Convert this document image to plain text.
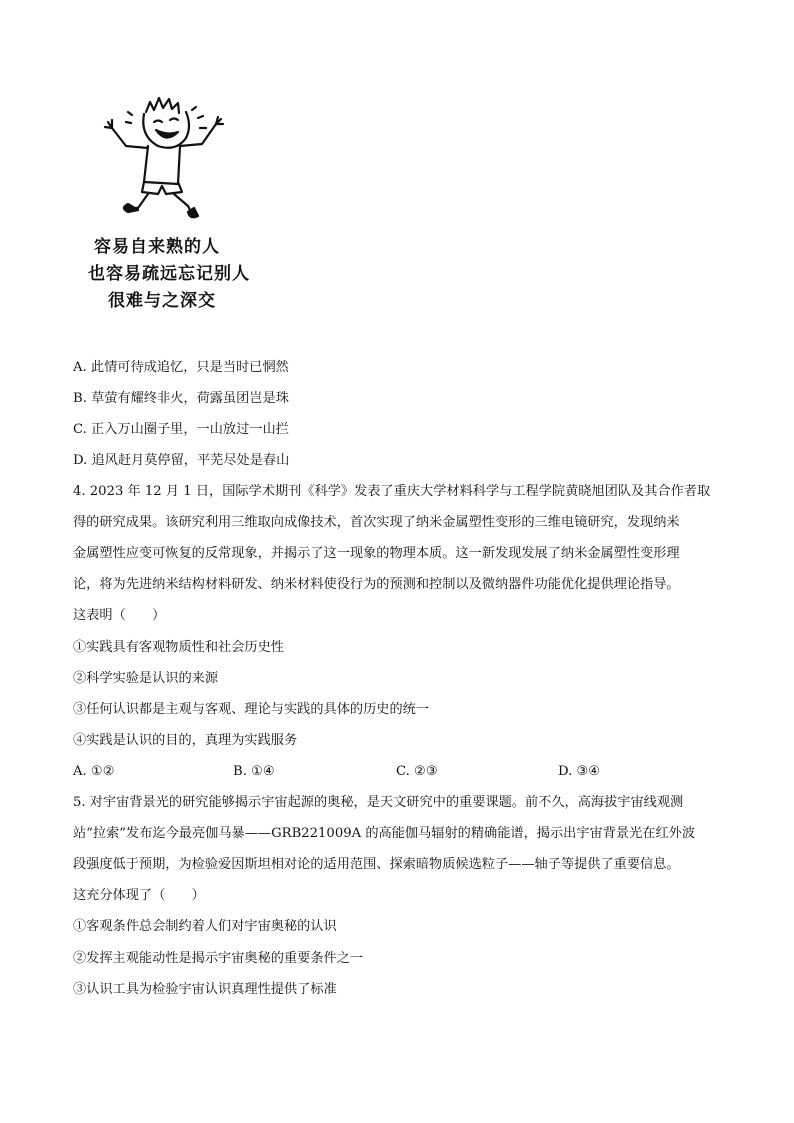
容易自来熟的人
也容易疏远忘记别人
很难与之深交
A. 此情可待成追忆，只是当时已惘然
B. 草萤有耀终非火，荷露虽团岂是珠
C. 正入万山圈子里，一山放过一山拦
D. 追风赶月莫停留，平芜尽处是春山
4. 2023 年 12 月 1 日，国际学术期刊《科学》发表了重庆大学材料科学与工程学院黄晓旭团队及其合作者取
得的研究成果。该研究利用三维取向成像技术，首次实现了纳米金属塑性变形的三维电镜研究，发现纳米
金属塑性应变可恢复的反常现象，并揭示了这一现象的物理本质。这一新发现发展了纳米金属塑性变形理
论，将为先进纳米结构材料研发、纳米材料使役行为的预测和控制以及微纳器件功能优化提供理论指导。
这表明（　　）
①实践具有客观物质性和社会历史性
②科学实验是认识的来源
③任何认识都是主观与客观、理论与实践的具体的历史的统一
④实践是认识的目的，真理为实践服务
A. ①②	B. ①④	C. ②③	D. ③④
5. 对宇宙背景光的研究能够揭示宇宙起源的奥秘，是天文研究中的重要课题。前不久，高海拔宇宙线观测
站“拉索”发布迄今最亮伽马暴——GRB221009A 的高能伽马辐射的精确能谱，揭示出宇宙背景光在红外波
段强度低于预期，为检验爱因斯坦相对论的适用范围、探索暗物质候选粒子——轴子等提供了重要信息。
这充分体现了（　　）
①客观条件总会制约着人们对宇宙奥秘的认识
②发挥主观能动性是揭示宇宙奥秘的重要条件之一
③认识工具为检验宇宙认识真理性提供了标准
